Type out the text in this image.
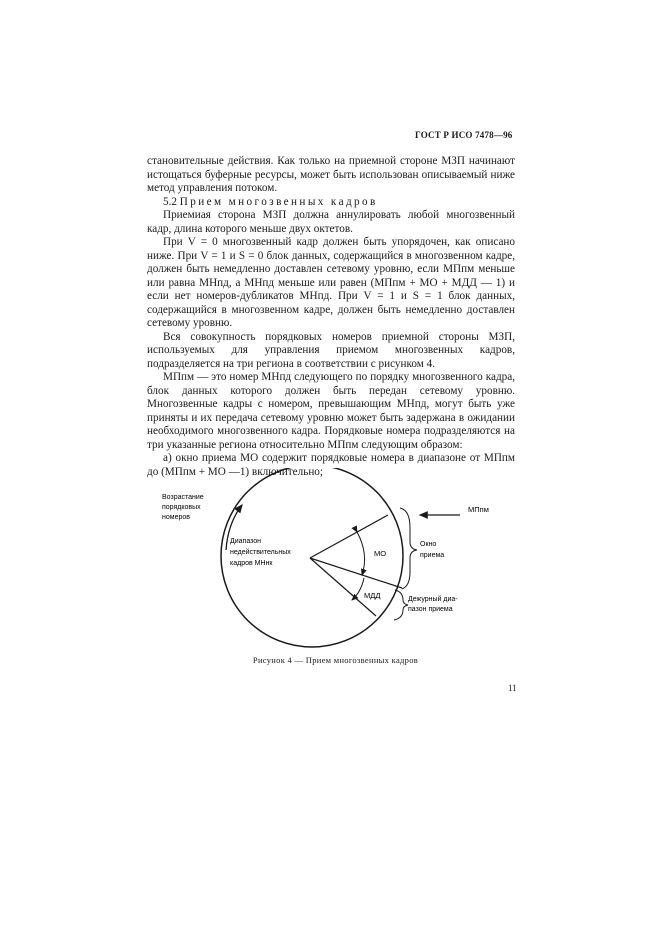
ГОСТ Р ИСО 7478—96

становительные действия. Как только на приемной стороне МЗП начинают истощаться буферные ресурсы, может быть использован описываемый ниже метод управления потоком.

5.2 Прием многозвенных кадров

Приемиая сторона МЗП должна аннулировать любой многозвенный кадр, длина которого меньше двух октетов.

При V = 0 многозвенный кадр должен быть упорядочен, как описано ниже. При V = 1 и S = 0 блок данных, содержащийся в многозвенном кадре, должен быть немедленно доставлен сетевому уровню, если МПпм меньше или равна МНпд, а МНпд меньше или равен (МПпм + МО + МДД — 1) и если нет номеров-дубликатов МНпд. При V = 1 и S = 1 блок данных, содержащийся в многозвенном кадре, должен быть немедленно доставлен сетевому уровню.

Вся совокупность порядковых номеров приемной стороны МЗП, используемых для управления приемом многозвенных кадров, подразделяется на три региона в соответствии с рисунком 4.

МПпм — это номер МНпд следующего по порядку многозвенного кадра, блок данных которого должен быть передан сетевому уровню. Многозвенные кадры с номером, превышающим МНпд, могут быть уже приняты и их передача сетевому уровню может быть задержана в ожидании необходимого многозвенного кадра. Порядковые номера подразделяются на три указанные региона относительно МПпм следующим образом:

а) окно приема МО содержит порядковые номера в диапазоне от МПпм до (МПпм + МО —1) включительно;

Возрастание
порядковых
номеров
Диапазон
недействительных
кадров МНнк
МО
МДД
МПпм
Окно
приема
Дежурный диа-
пазон приема
Рисунок 4 — Прием многозвенных кадров
11
